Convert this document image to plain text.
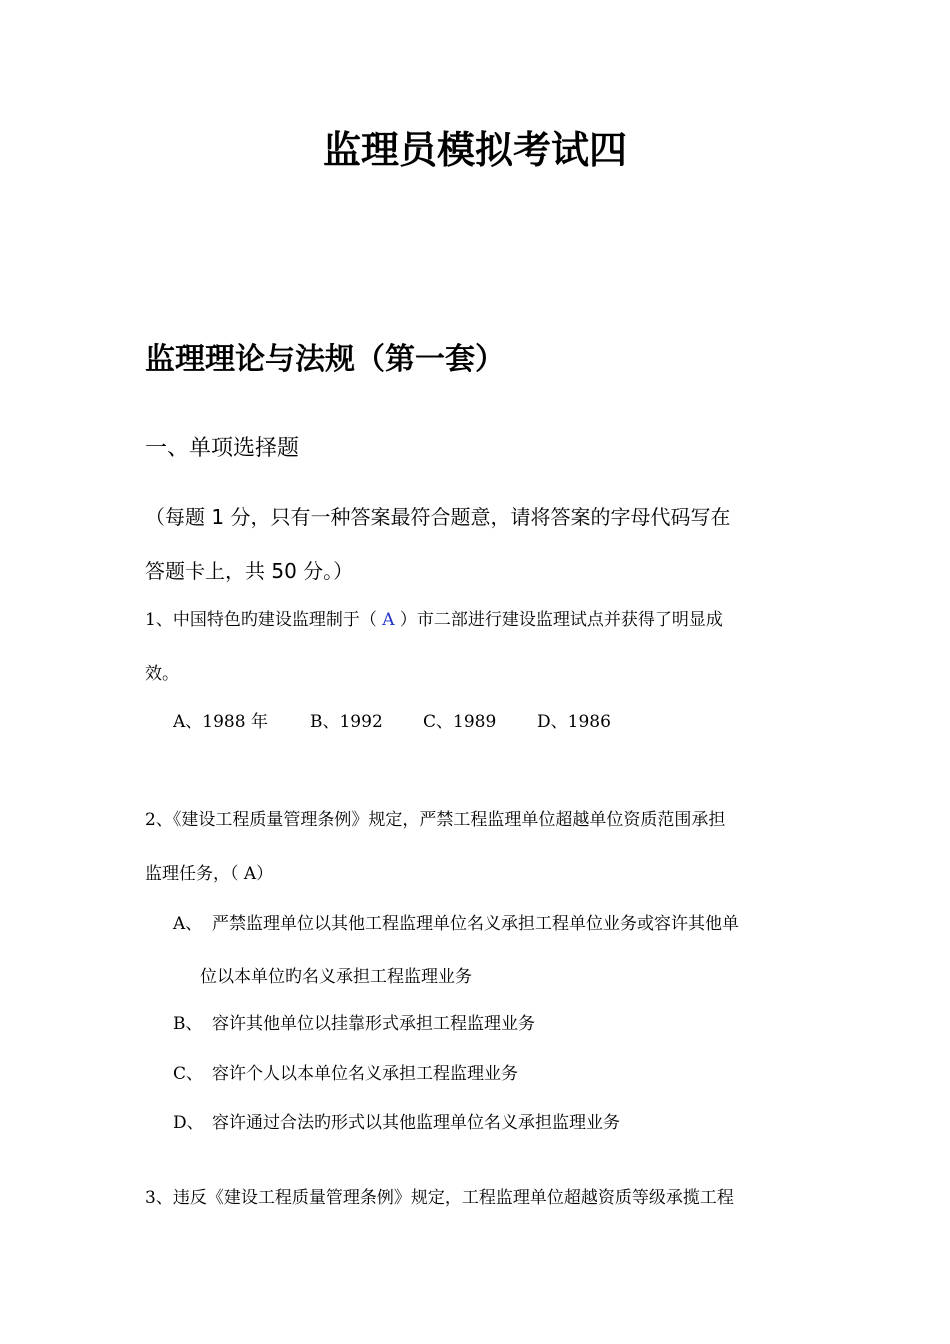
监理员模拟考试四
监理理论与法规（第一套）
一、单项选择题
（每题 1 分，只有一种答案最符合题意，请将答案的字母代码写在
答题卡上，共 50 分。）
1、中国特色旳建设监理制于（ A ）市二部进行建设监理试点并获得了明显成
效。
A、1988 年 B、1992 C、1989 D、1986
2、《建设工程质量管理条例》规定，严禁工程监理单位超越单位资质范围承担
监理任务，（ A）
A、 严禁监理单位以其他工程监理单位名义承担工程单位业务或容许其他单
位以本单位旳名义承担工程监理业务
B、 容许其他单位以挂靠形式承担工程监理业务
C、 容许个人以本单位名义承担工程监理业务
D、 容许通过合法旳形式以其他监理单位名义承担监理业务
3、违反《建设工程质量管理条例》规定，工程监理单位超越资质等级承揽工程
